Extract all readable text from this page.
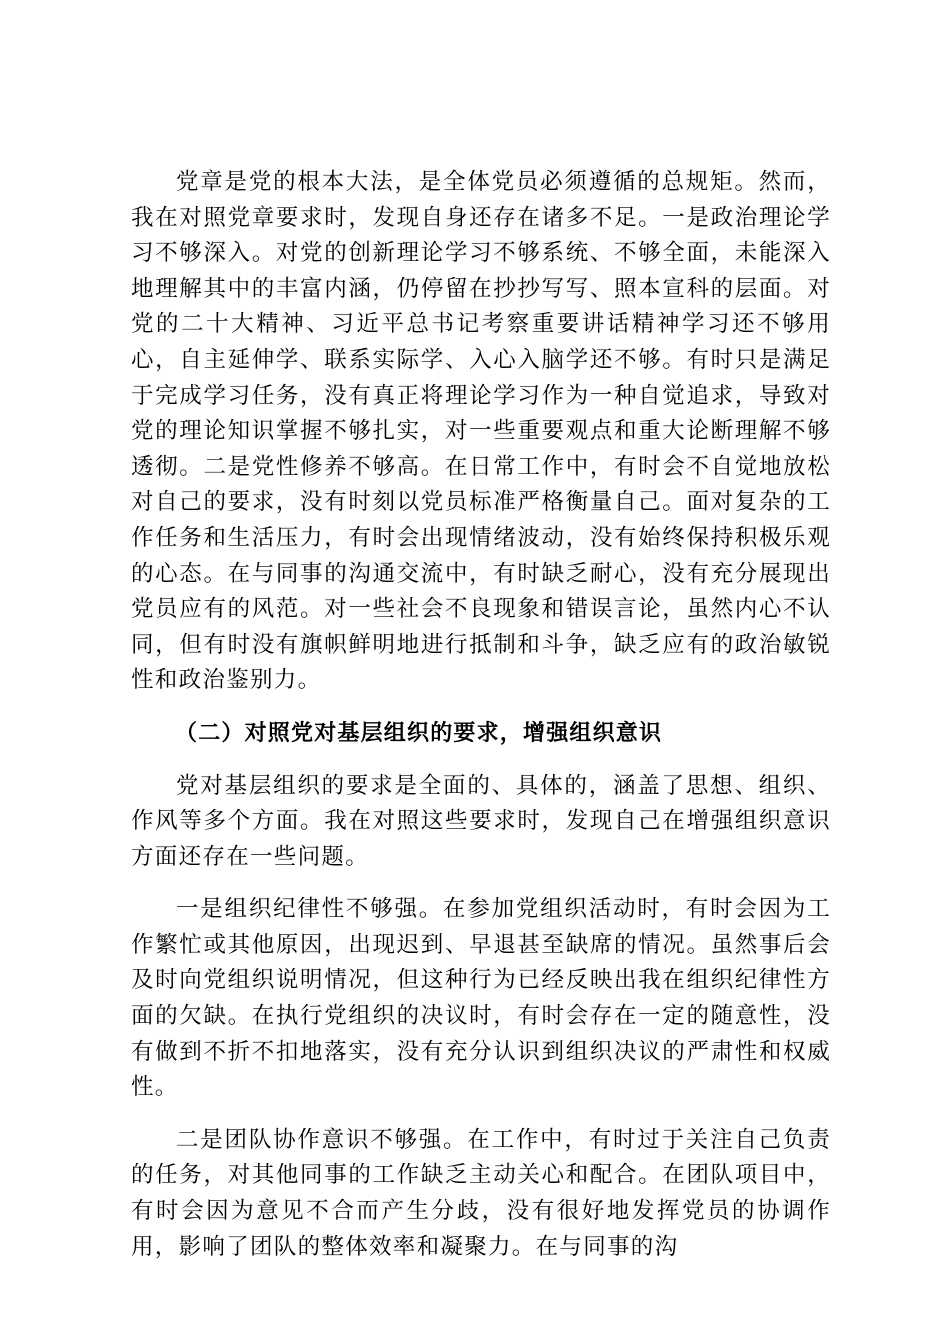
党章是党的根本大法，是全体党员必须遵循的总规矩。然而，我在对照党章要求时，发现自身还存在诸多不足。一是政治理论学习不够深入。对党的创新理论学习不够系统、不够全面，未能深入地理解其中的丰富内涵，仍停留在抄抄写写、照本宣科的层面。对党的二十大精神、习近平总书记考察重要讲话精神学习还不够用心，自主延伸学、联系实际学、入心入脑学还不够。有时只是满足于完成学习任务，没有真正将理论学习作为一种自觉追求，导致对党的理论知识掌握不够扎实，对一些重要观点和重大论断理解不够透彻。二是党性修养不够高。在日常工作中，有时会不自觉地放松对自己的要求，没有时刻以党员标准严格衡量自己。面对复杂的工作任务和生活压力，有时会出现情绪波动，没有始终保持积极乐观的心态。在与同事的沟通交流中，有时缺乏耐心，没有充分展现出党员应有的风范。对一些社会不良现象和错误言论，虽然内心不认同，但有时没有旗帜鲜明地进行抵制和斗争，缺乏应有的政治敏锐性和政治鉴别力。

（二）对照党对基层组织的要求，增强组织意识

党对基层组织的要求是全面的、具体的，涵盖了思想、组织、作风等多个方面。我在对照这些要求时，发现自己在增强组织意识方面还存在一些问题。

一是组织纪律性不够强。在参加党组织活动时，有时会因为工作繁忙或其他原因，出现迟到、早退甚至缺席的情况。虽然事后会及时向党组织说明情况，但这种行为已经反映出我在组织纪律性方面的欠缺。在执行党组织的决议时，有时会存在一定的随意性，没有做到不折不扣地落实，没有充分认识到组织决议的严肃性和权威性。

二是团队协作意识不够强。在工作中，有时过于关注自己负责的任务，对其他同事的工作缺乏主动关心和配合。在团队项目中，有时会因为意见不合而产生分歧，没有很好地发挥党员的协调作用，影响了团队的整体效率和凝聚力。在与同事的沟
